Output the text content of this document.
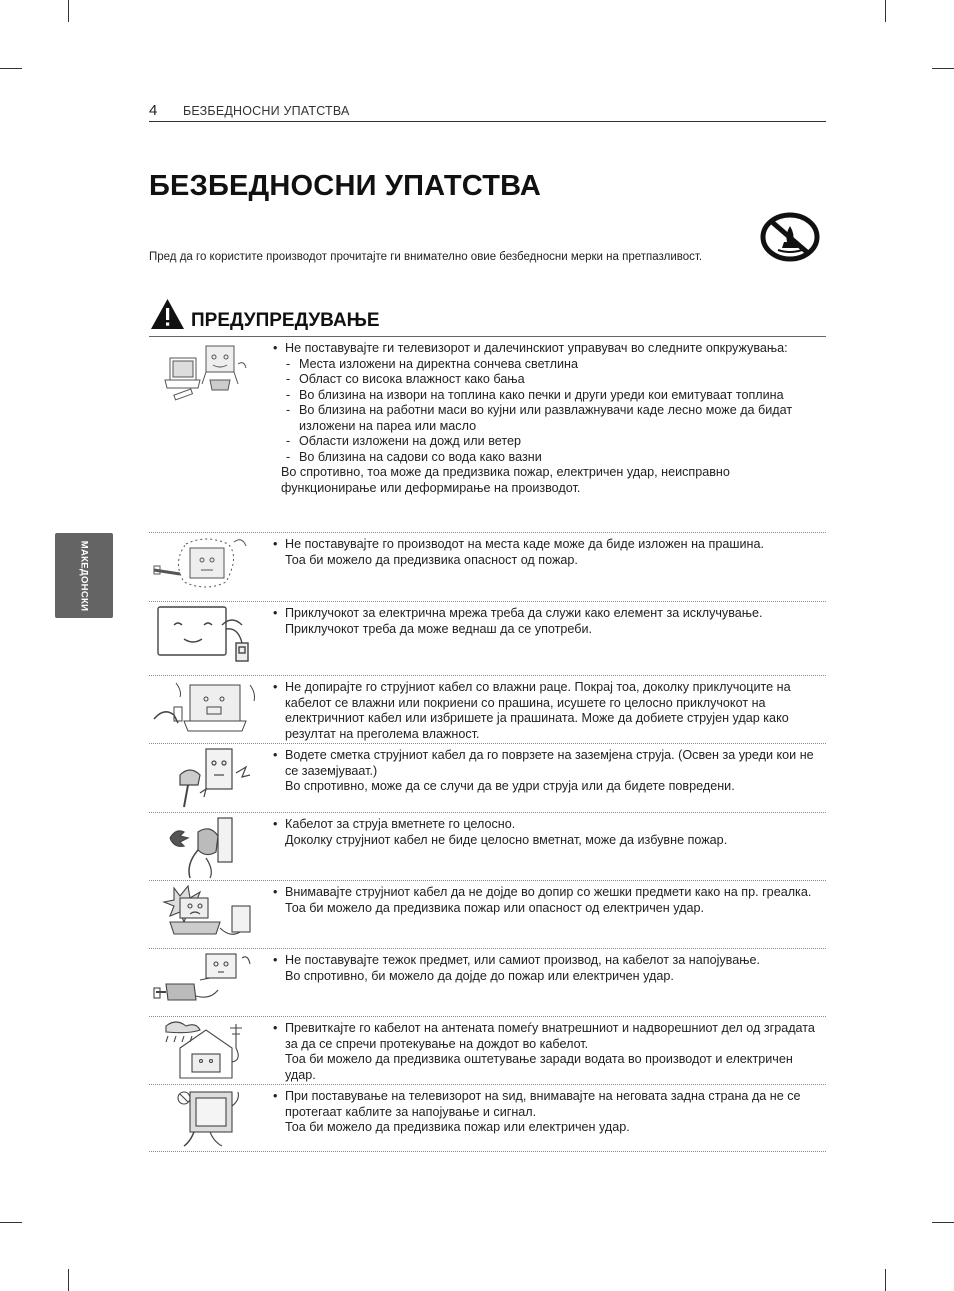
4 БЕЗБЕДНОСНИ УПАТСТВА
БЕЗБЕДНОСНИ УПАТСТВА
Пред да го користите производот прочитајте ги внимателно овие безбедносни мерки на претпазливост.
ПРЕДУПРЕДУВАЊЕ
МАКЕДОНСКИ
• Не поставувајте ги телевизорот и далечинскиот управувач во следните опкружувања:
- Места изложени на директна сончева светлина
- Област со висока влажност како бања
- Во близина на извори на топлина како печки и други уреди кои емитуваат топлина
- Во близина на работни маси во кујни или развлажнувачи каде лесно може да бидат изложени на пареа или масло
- Области изложени на дожд или ветер
- Во близина на садови со вода како вазни
Во спротивно, тоа може да предизвика пожар, електричен удар, неисправно функционирање или деформирање на производот.
• Не поставувајте го производот на места каде може да биде изложен на прашина.
Тоа би можело да предизвика опасност од пожар.
• Приклучокот за електрична мрежа треба да служи како елемент за исклучување. Приклучокот треба да може веднаш да се употреби.
• Не допирајте го струјниот кабел со влажни раце. Покрај тоа, доколку приклучоците на кабелот се влажни или покриени со прашина, исушете го целосно приклучокот на електричниот кабел или избришете ја прашината. Може да добиете струјен удар како резултат на преголема влажност.
• Водете сметка струјниот кабел да го поврзете на заземјена струја. (Освен за уреди кои не се заземјуваат.)
Во спротивно, може да се случи да ве удри струја или да бидете повредени.
• Кабелот за струја вметнете го целосно.
Доколку струјниот кабел не биде целосно вметнат, може да избувне пожар.
• Внимавајте струјниот кабел да не дојде во допир со жешки предмети како на пр. греалка.
Тоа би можело да предизвика пожар или опасност од електричен удар.
• Не поставувајте тежок предмет, или самиот производ, на кабелот за напојување.
Во спротивно, би можело да дојде до пожар или електричен удар.
• Превиткајте го кабелот на антената помеѓу внатрешниот и надворешниот дел од зградата за да се спречи протекување на дождот во кабелот.
Тоа би можело да предизвика оштетување заради водата во производот и електричен удар.
• При поставување на телевизорот на ѕид, внимавајте на неговата задна страна да не се протегаат каблите за напојување и сигнал.
Тоа би можело да предизвика пожар или електричен удар.
